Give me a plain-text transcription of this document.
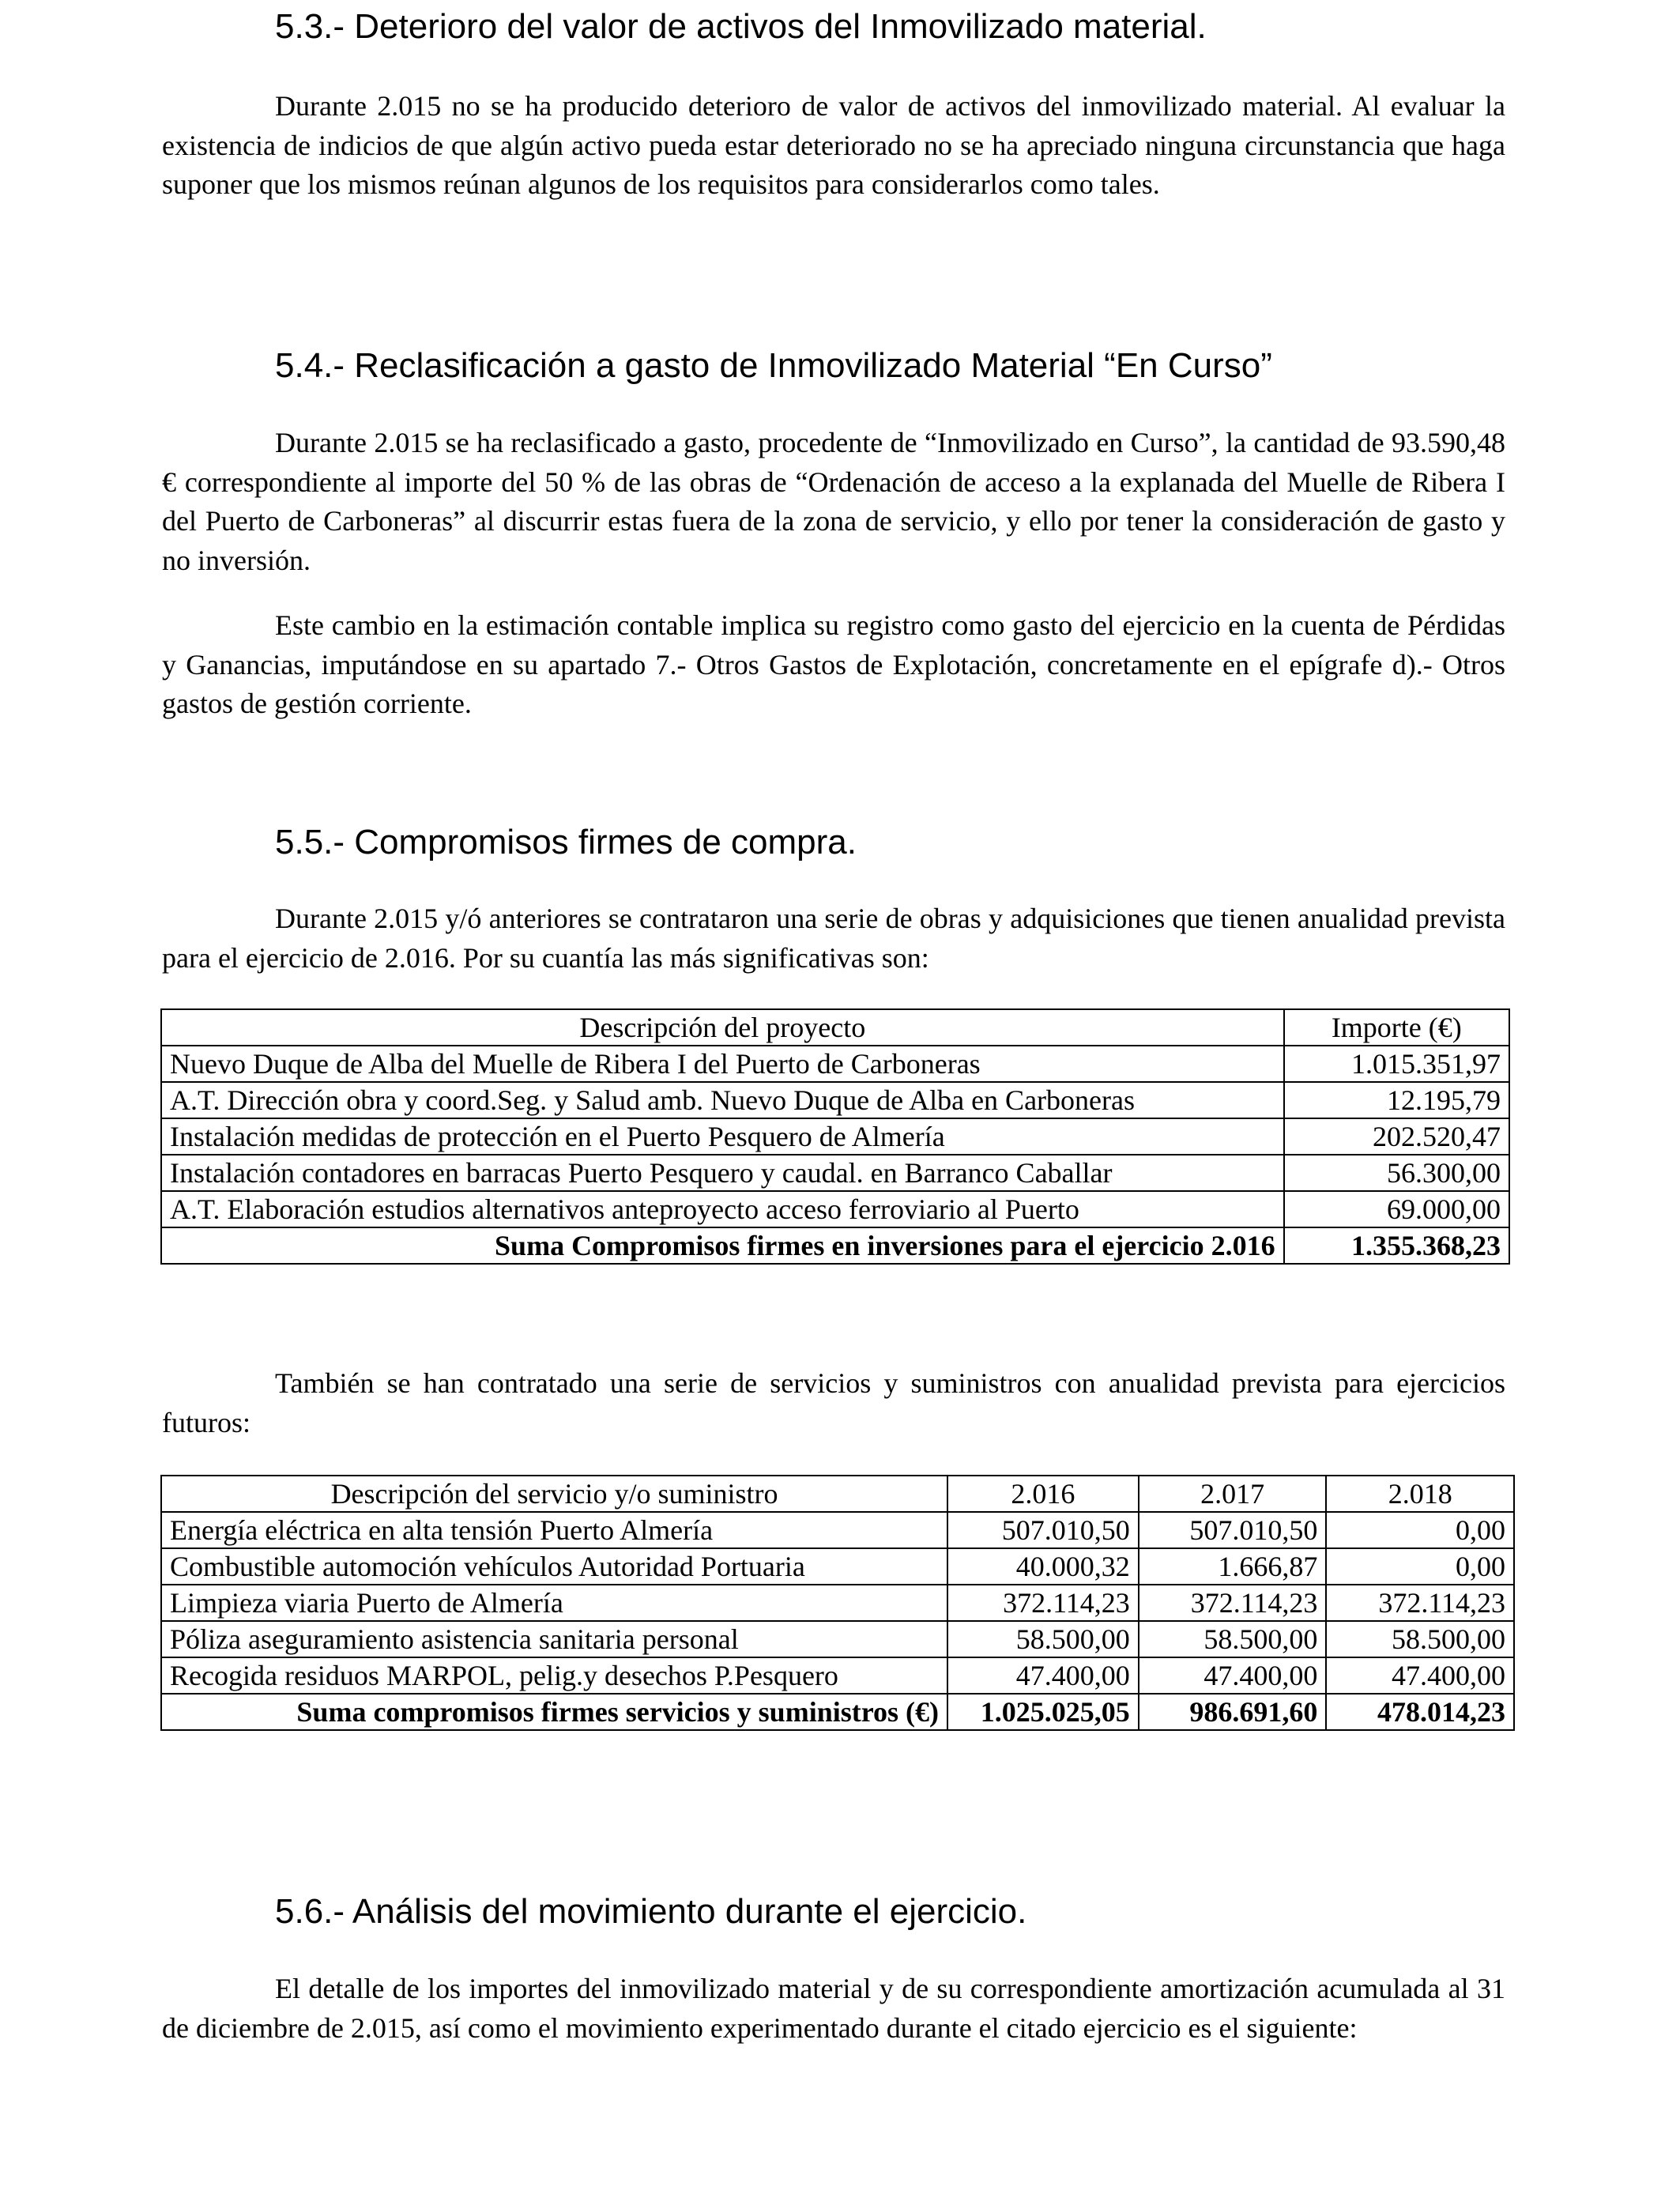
5.3.- Deterioro del valor de activos del Inmovilizado material.
Durante 2.015 no se ha producido deterioro de valor de activos del inmovilizado material. Al evaluar la existencia de indicios de que algún activo pueda estar deteriorado no se ha apreciado ninguna circunstancia que haga suponer que los mismos reúnan algunos de los requisitos para considerarlos como tales.
5.4.- Reclasificación a gasto de Inmovilizado Material “En Curso”
Durante 2.015 se ha reclasificado a gasto, procedente de “Inmovilizado en Curso”, la cantidad de 93.590,48 € correspondiente al importe del 50 % de las obras de “Ordenación de acceso a la explanada del Muelle de Ribera I del Puerto de Carboneras” al discurrir estas fuera de la zona de servicio, y ello por tener la consideración de gasto y no inversión.
Este cambio en la estimación contable implica su registro como gasto del ejercicio en la cuenta de Pérdidas y Ganancias, imputándose en su apartado 7.- Otros Gastos de Explotación, concretamente en el epígrafe d).- Otros gastos de gestión corriente.
5.5.- Compromisos firmes de compra.
Durante 2.015 y/ó anteriores se contrataron una serie de obras y adquisiciones que tienen anualidad prevista para el ejercicio de 2.016. Por su cuantía las más significativas son:
Descripción del proyecto	Importe (€)
Nuevo Duque de Alba del Muelle de Ribera I del Puerto de Carboneras	1.015.351,97
A.T. Dirección obra y coord.Seg. y Salud amb. Nuevo Duque de Alba en Carboneras	12.195,79
Instalación medidas de protección en el Puerto Pesquero de Almería	202.520,47
Instalación contadores en barracas Puerto Pesquero y caudal. en Barranco Caballar	56.300,00
A.T. Elaboración estudios alternativos anteproyecto acceso ferroviario al Puerto	69.000,00
Suma Compromisos firmes en inversiones para el ejercicio 2.016	1.355.368,23
También se han contratado una serie de servicios y suministros con anualidad prevista para ejercicios futuros:
Descripción del servicio y/o suministro	2.016	2.017	2.018
Energía eléctrica en alta tensión Puerto Almería	507.010,50	507.010,50	0,00
Combustible automoción vehículos Autoridad Portuaria	40.000,32	1.666,87	0,00
Limpieza viaria Puerto de Almería	372.114,23	372.114,23	372.114,23
Póliza aseguramiento asistencia sanitaria personal	58.500,00	58.500,00	58.500,00
Recogida residuos MARPOL, pelig.y desechos P.Pesquero	47.400,00	47.400,00	47.400,00
Suma compromisos firmes servicios y suministros (€)	1.025.025,05	986.691,60	478.014,23
5.6.- Análisis del movimiento durante el ejercicio.
El detalle de los importes del inmovilizado material y de su correspondiente amortización acumulada al 31 de diciembre de 2.015, así como el movimiento experimentado durante el citado ejercicio es el siguiente:
